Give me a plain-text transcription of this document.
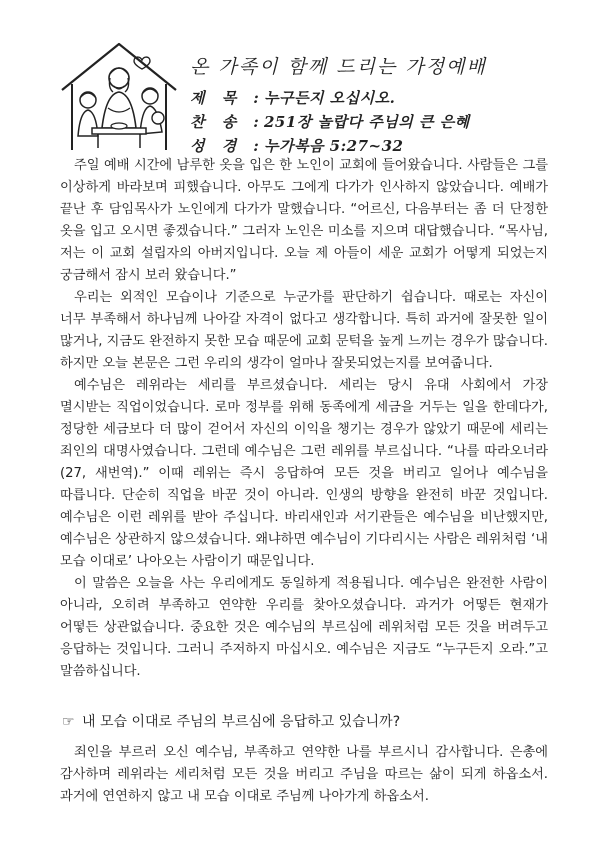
온 가족이 함께 드리는 가정예배
제 목 : 누구든지 오십시오.
찬 송 : 251장 놀랍다 주님의 큰 은혜
성 경 : 누가복음 5:27~32

주일 예배 시간에 남루한 옷을 입은 한 노인이 교회에 들어왔습니다. 사람들은 그를 이상하게 바라보며 피했습니다. 아무도 그에게 다가가 인사하지 않았습니다. 예배가 끝난 후 담임목사가 노인에게 다가가 말했습니다. “어르신, 다음부터는 좀 더 단정한 옷을 입고 오시면 좋겠습니다.” 그러자 노인은 미소를 지으며 대답했습니다. “목사님, 저는 이 교회 설립자의 아버지입니다. 오늘 제 아들이 세운 교회가 어떻게 되었는지 궁금해서 잠시 보러 왔습니다.”

우리는 외적인 모습이나 기준으로 누군가를 판단하기 쉽습니다. 때로는 자신이 너무 부족해서 하나님께 나아갈 자격이 없다고 생각합니다. 특히 과거에 잘못한 일이 많거나, 지금도 완전하지 못한 모습 때문에 교회 문턱을 높게 느끼는 경우가 많습니다. 하지만 오늘 본문은 그런 우리의 생각이 얼마나 잘못되었는지를 보여줍니다.

예수님은 레위라는 세리를 부르셨습니다. 세리는 당시 유대 사회에서 가장 멸시받는 직업이었습니다. 로마 정부를 위해 동족에게 세금을 거두는 일을 한데다가, 정당한 세금보다 더 많이 걷어서 자신의 이익을 챙기는 경우가 않았기 때문에 세리는 죄인의 대명사였습니다. 그런데 예수님은 그런 레위를 부르십니다. “나를 따라오너라(27, 새번역).” 이때 레위는 즉시 응답하여 모든 것을 버리고 일어나 예수님을 따릅니다. 단순히 직업을 바꾼 것이 아니라. 인생의 방향을 완전히 바꾼 것입니다. 예수님은 이런 레위를 받아 주십니다. 바리새인과 서기관들은 예수님을 비난했지만, 예수님은 상관하지 않으셨습니다. 왜냐하면 예수님이 기다리시는 사람은 레위처럼 ‘내 모습 이대로’ 나아오는 사람이기 때문입니다.

이 말씀은 오늘을 사는 우리에게도 동일하게 적용됩니다. 예수님은 완전한 사람이 아니라, 오히려 부족하고 연약한 우리를 찾아오셨습니다. 과거가 어떻든 현재가 어떻든 상관없습니다. 중요한 것은 예수님의 부르심에 레위처럼 모든 것을 버려두고 응답하는 것입니다. 그러니 주저하지 마십시오. 예수님은 지금도 “누구든지 오라.”고 말씀하십니다.

☞ 내 모습 이대로 주님의 부르심에 응답하고 있습니까?

죄인을 부르러 오신 예수님, 부족하고 연약한 나를 부르시니 감사합니다. 은총에 감사하며 레위라는 세리처럼 모든 것을 버리고 주님을 따르는 삶이 되게 하옵소서. 과거에 연연하지 않고 내 모습 이대로 주님께 나아가게 하옵소서.
